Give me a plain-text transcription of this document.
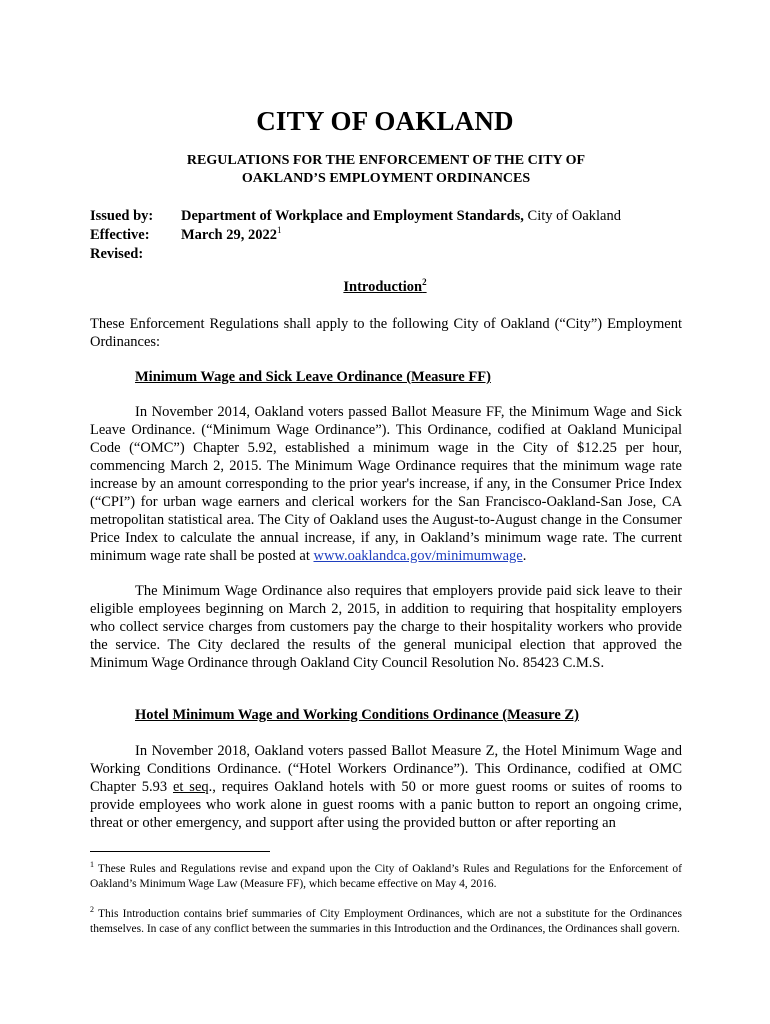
CITY OF OAKLAND
REGULATIONS FOR THE ENFORCEMENT OF THE CITY OF
OAKLAND’S EMPLOYMENT ORDINANCES
Issued by:	Department of Workplace and Employment Standards, City of Oakland
Effective:	March 29, 2022$^1$
Revised:
Introduction$^2$
These Enforcement Regulations shall apply to the following City of Oakland (“City”) Employment Ordinances:
Minimum Wage and Sick Leave Ordinance (Measure FF)
In November 2014, Oakland voters passed Ballot Measure FF, the Minimum Wage and Sick Leave Ordinance. (“Minimum Wage Ordinance”). This Ordinance, codified at Oakland Municipal Code (“OMC”) Chapter 5.92, established a minimum wage in the City of $12.25 per hour, commencing March 2, 2015. The Minimum Wage Ordinance requires that the minimum wage rate increase by an amount corresponding to the prior year's increase, if any, in the Consumer Price Index (“CPI”) for urban wage earners and clerical workers for the San Francisco-Oakland-San Jose, CA metropolitan statistical area. The City of Oakland uses the August-to-August change in the Consumer Price Index to calculate the annual increase, if any, in Oakland’s minimum wage rate. The current minimum wage rate shall be posted at www.oaklandca.gov/minimumwage.
The Minimum Wage Ordinance also requires that employers provide paid sick leave to their eligible employees beginning on March 2, 2015, in addition to requiring that hospitality employers who collect service charges from customers pay the charge to their hospitality workers who provide the service. The City declared the results of the general municipal election that approved the Minimum Wage Ordinance through Oakland City Council Resolution No. 85423 C.M.S.
Hotel Minimum Wage and Working Conditions Ordinance (Measure Z)
In November 2018, Oakland voters passed Ballot Measure Z, the Hotel Minimum Wage and Working Conditions Ordinance. (“Hotel Workers Ordinance”). This Ordinance, codified at OMC Chapter 5.93 et seq., requires Oakland hotels with 50 or more guest rooms or suites of rooms to provide employees who work alone in guest rooms with a panic button to report an ongoing crime, threat or other emergency, and support after using the provided button or after reporting an
$^1$ These Rules and Regulations revise and expand upon the City of Oakland’s Rules and Regulations for the Enforcement of Oakland’s Minimum Wage Law (Measure FF), which became effective on May 4, 2016.
$^2$ This Introduction contains brief summaries of City Employment Ordinances, which are not a substitute for the Ordinances themselves. In case of any conflict between the summaries in this Introduction and the Ordinances, the Ordinances shall govern.
